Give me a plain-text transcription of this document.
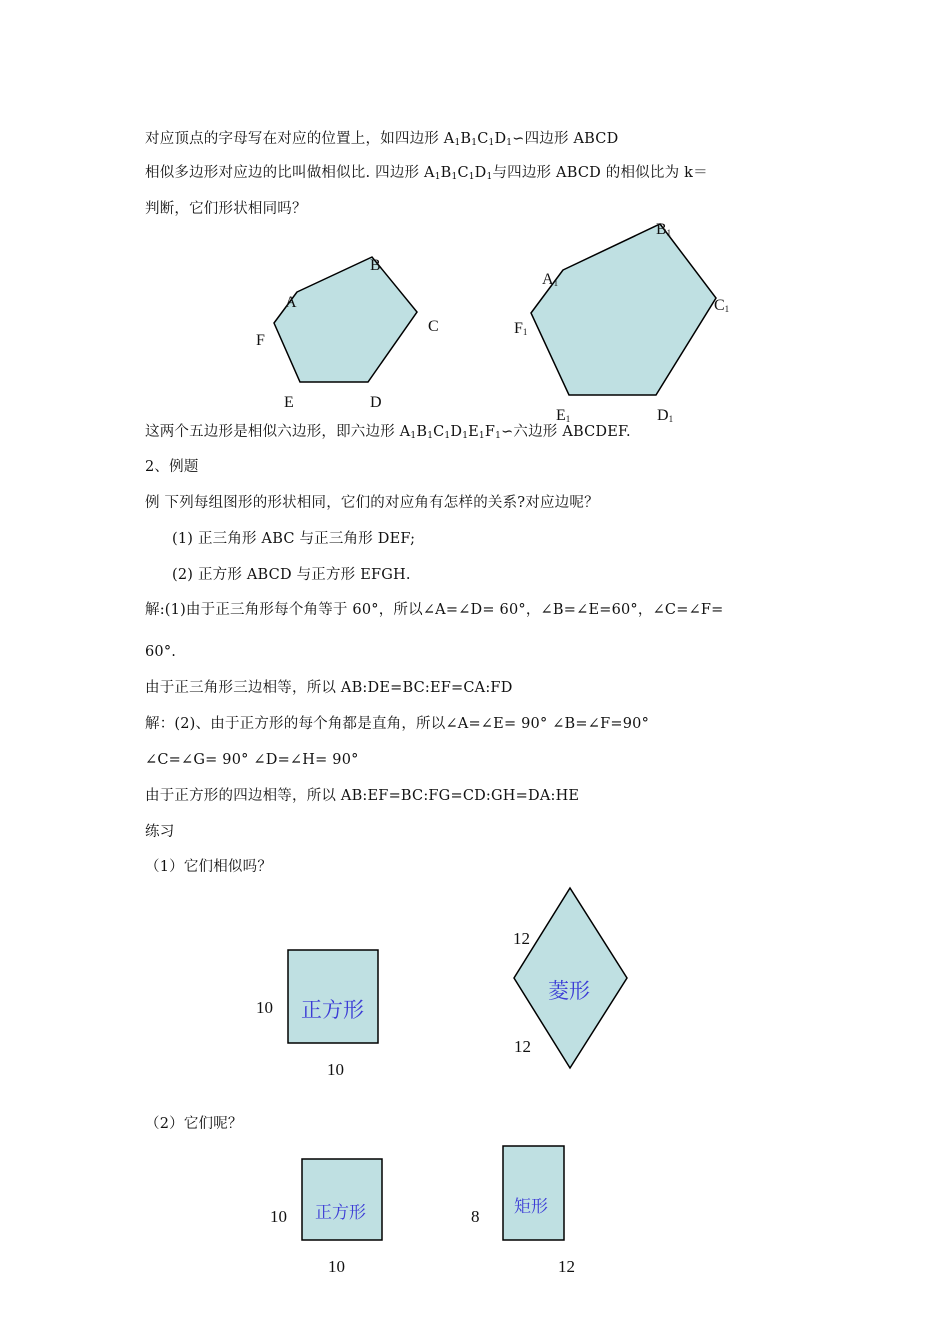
对应顶点的字母写在对应的位置上，如四边形 $A_1B_1C_1D_1∽$四边形 ABCD
相似多边形对应边的比叫做相似比. 四边形 $A_1B_1C_1D_1$与四边形 ABCD 的相似比为 k＝
判断，它们形状相同吗？
A
B
C
D
E
F
$A_1$
$B_1$
$C_1$
$D_1$
$E_1$
$F_1$
这两个五边形是相似六边形，即六边形 $A_1B_1C_1D_1E_1F_1∽$六边形 ABCDEF.
2、例题
例 下列每组图形的形状相同，它们的对应角有怎样的关系?对应边呢？
(1) 正三角形 ABC 与正三角形 DEF;
(2) 正方形 ABCD 与正方形 EFGH.
解:(1)由于正三角形每个角等于 60°，所以∠A=∠D= 60°，∠B=∠E=60°，∠C=∠F=
60°.
由于正三角形三边相等，所以 AB:DE=BC:EF=CA:FD
解：(2)、由于正方形的每个角都是直角，所以∠A=∠E= 90° ∠B=∠F=90°
∠C=∠G= 90° ∠D=∠H= 90°
由于正方形的四边相等，所以 AB:EF=BC:FG=CD:GH=DA:HE
练习
（1）它们相似吗？
正方形
10
10
菱形
12
12
（2）它们呢？
正方形
10
10
矩形
8
12
